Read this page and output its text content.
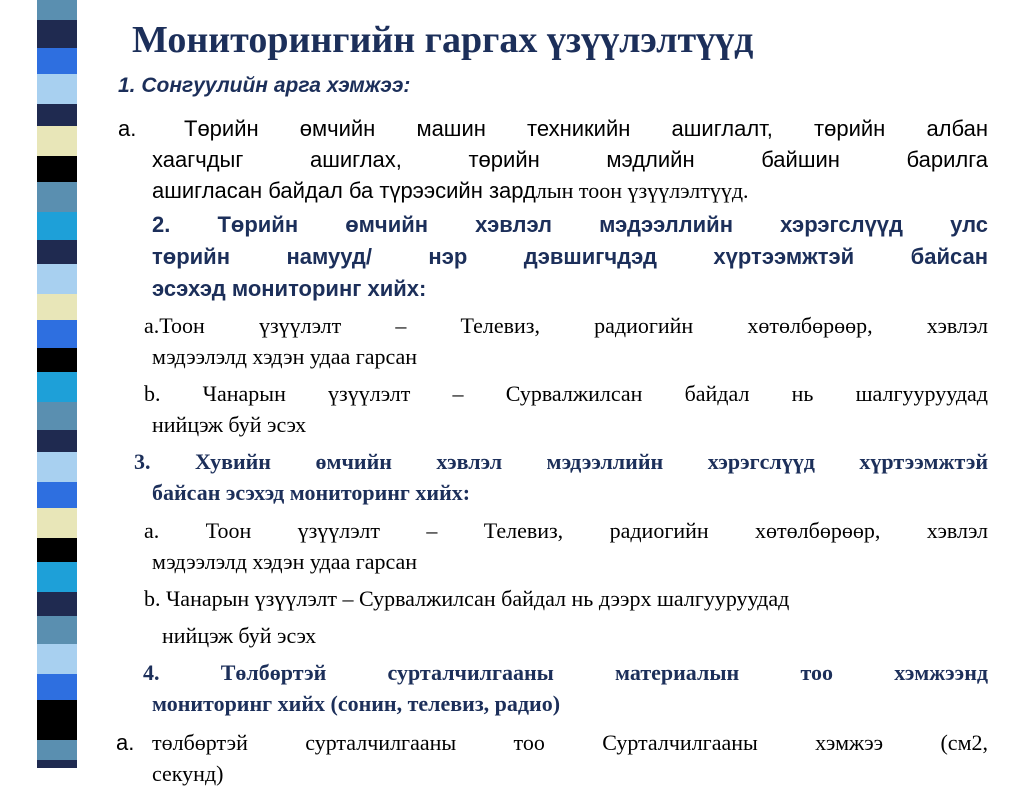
Мониторингийн гаргах үзүүлэлтүүд
1. Сонгуулийн арга хэмжээ:
a. Төрийн өмчийн машин техникийн ашиглалт, төрийн албан
хаагчдыг ашиглах, төрийн мэдлийн байшин барилга
ашигласан байдал ба түрээсийн зардлын тоон үзүүлэлтүүд.
2. Төрийн өмчийн хэвлэл мэдээллийн хэрэгслүүд улс
төрийн намууд/ нэр дэвшигчдэд хүртээмжтэй байсан
эсэхэд мониторинг хийх:
a.Тоон үзүүлэлт – Телевиз, радиогийн хөтөлбөрөөр, хэвлэл
мэдээлэлд хэдэн удаа гарсан
b. Чанарын үзүүлэлт – Сурвалжилсан байдал нь шалгууруудад
нийцэж буй эсэх
3. Хувийн өмчийн хэвлэл мэдээллийн хэрэгслүүд хүртээмжтэй
байсан эсэхэд мониторинг хийх:
a. Тоон үзүүлэлт – Телевиз, радиогийн хөтөлбөрөөр, хэвлэл
мэдээлэлд хэдэн удаа гарсан
b. Чанарын үзүүлэлт – Сурвалжилсан байдал нь дээрх шалгууруудад
нийцэж буй эсэх
4. Төлбөртэй сурталчилгааны материалын тоо хэмжээнд
мониторинг хийх (сонин, телевиз, радио)
a. төлбөртэй сурталчилгааны тоо Сурталчилгааны хэмжээ (см2,
секунд)
